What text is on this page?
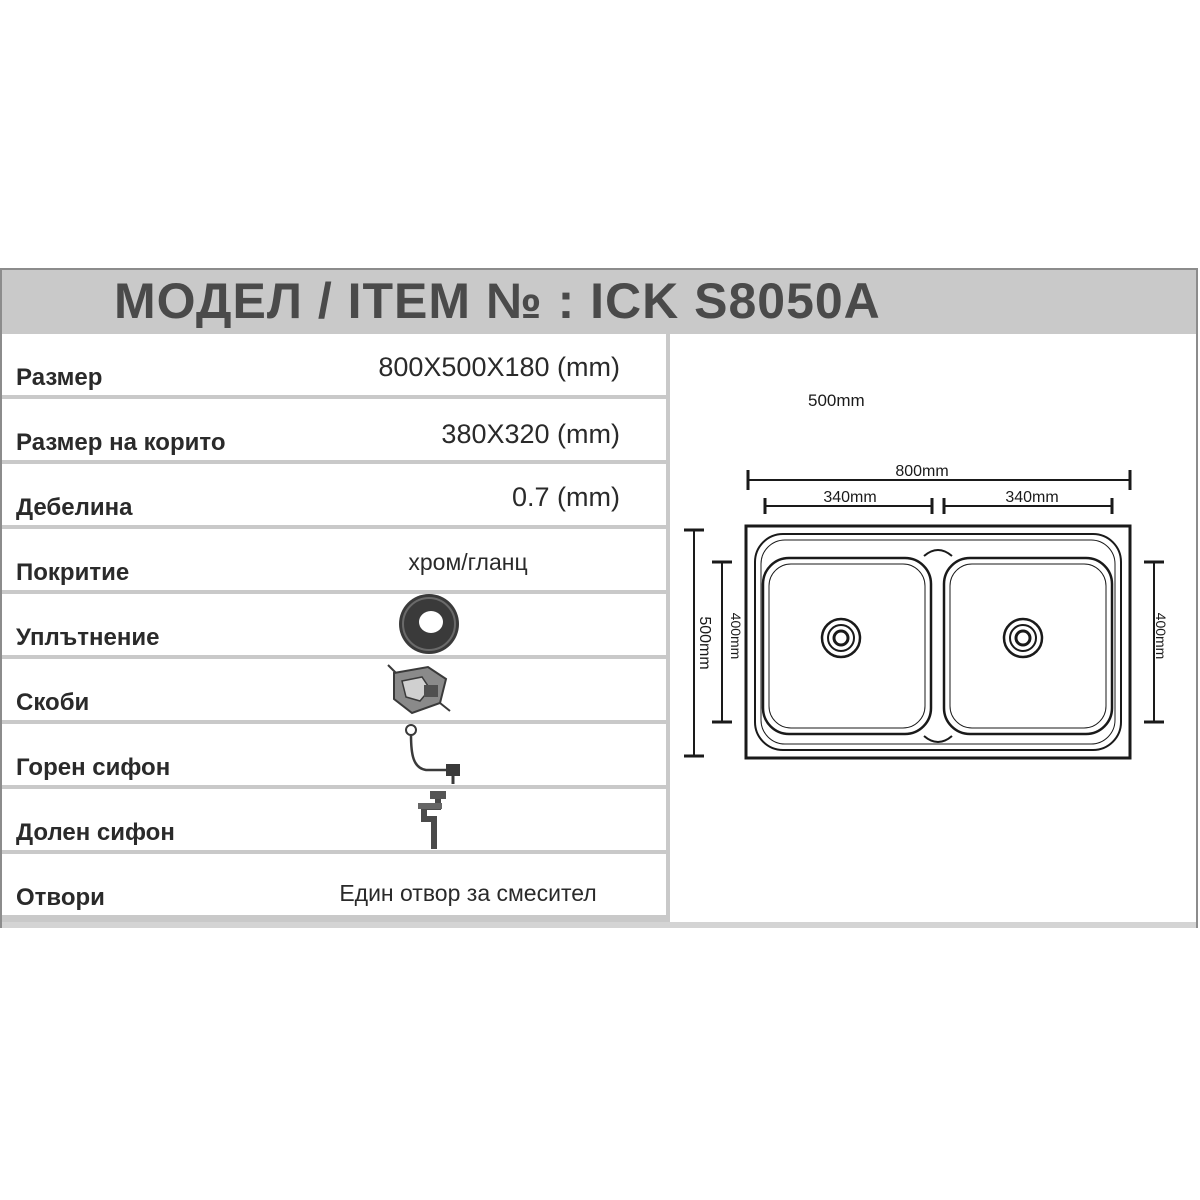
МОДЕЛ / ITEM № : ICK S8050A
Размер	800X500X180 (mm)
Размер на корито	380X320 (mm)
Дебелина	0.7 (mm)
Покритие	хром/гланц
Уплътнение
Скоби
Горен сифон
Долен сифон
Отвори	Един отвор за смесител
500mm
800mm
340mm	340mm
500mm 400mm	400mm
